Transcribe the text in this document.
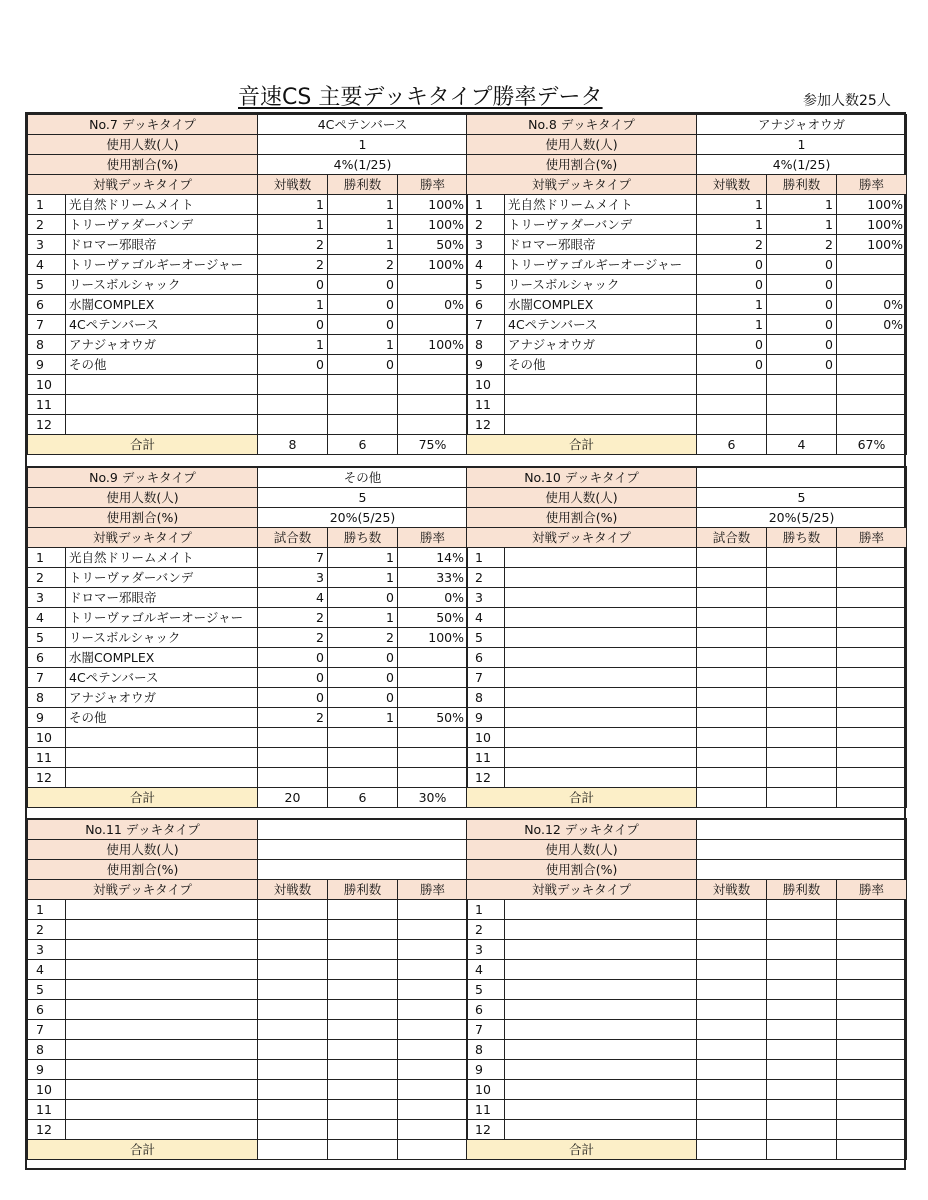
音速CS 主要デッキタイプ勝率データ	参加人数25人
No.7 デッキタイプ		4Cペテンバース		
使用人数(人)		1		
使用割合(%)		4%(1/25)		
対戦デッキタイプ		対戦数	勝利数	勝率
1	光自然ドリームメイト	1	1	100%
2	トリーヴァダーバンデ	1	1	100%
3	ドロマー邪眼帝	2	1	50%
4	トリーヴァゴルギーオージャー	2	2	100%
5	リースボルシャック	0	0	
6	水闇COMPLEX	1	0	0%
7	4Cペテンバース	0	0	
8	アナジャオウガ	1	1	100%
9	その他	0	0	
10				
11				
12				
合計		8	6	75%
No.8 デッキタイプ		アナジャオウガ		
使用人数(人)		1		
使用割合(%)		4%(1/25)		
対戦デッキタイプ		対戦数	勝利数	勝率
1	光自然ドリームメイト	1	1	100%
2	トリーヴァダーバンデ	1	1	100%
3	ドロマー邪眼帝	2	2	100%
4	トリーヴァゴルギーオージャー	0	0	
5	リースボルシャック	0	0	
6	水闇COMPLEX	1	0	0%
7	4Cペテンバース	1	0	0%
8	アナジャオウガ	0	0	
9	その他	0	0	
10				
11				
12				
合計		6	4	67%
No.9 デッキタイプ		その他		
使用人数(人)		5		
使用割合(%)		20%(5/25)		
対戦デッキタイプ		試合数	勝ち数	勝率
1	光自然ドリームメイト	7	1	14%
2	トリーヴァダーバンデ	3	1	33%
3	ドロマー邪眼帝	4	0	0%
4	トリーヴァゴルギーオージャー	2	1	50%
5	リースボルシャック	2	2	100%
6	水闇COMPLEX	0	0	
7	4Cペテンバース	0	0	
8	アナジャオウガ	0	0	
9	その他	2	1	50%
10				
11				
12				
合計		20	6	30%
No.10 デッキタイプ				
使用人数(人)		5		
使用割合(%)		20%(5/25)		
対戦デッキタイプ		試合数	勝ち数	勝率
1				
2				
3				
4				
5				
6				
7				
8				
9				
10				
11				
12				
合計				
No.11 デッキタイプ				
使用人数(人)				
使用割合(%)				
対戦デッキタイプ		対戦数	勝利数	勝率
1				
2				
3				
4				
5				
6				
7				
8				
9				
10				
11				
12				
合計				
No.12 デッキタイプ				
使用人数(人)				
使用割合(%)				
対戦デッキタイプ		対戦数	勝利数	勝率
1				
2				
3				
4				
5				
6				
7				
8				
9				
10				
11				
12				
合計				
